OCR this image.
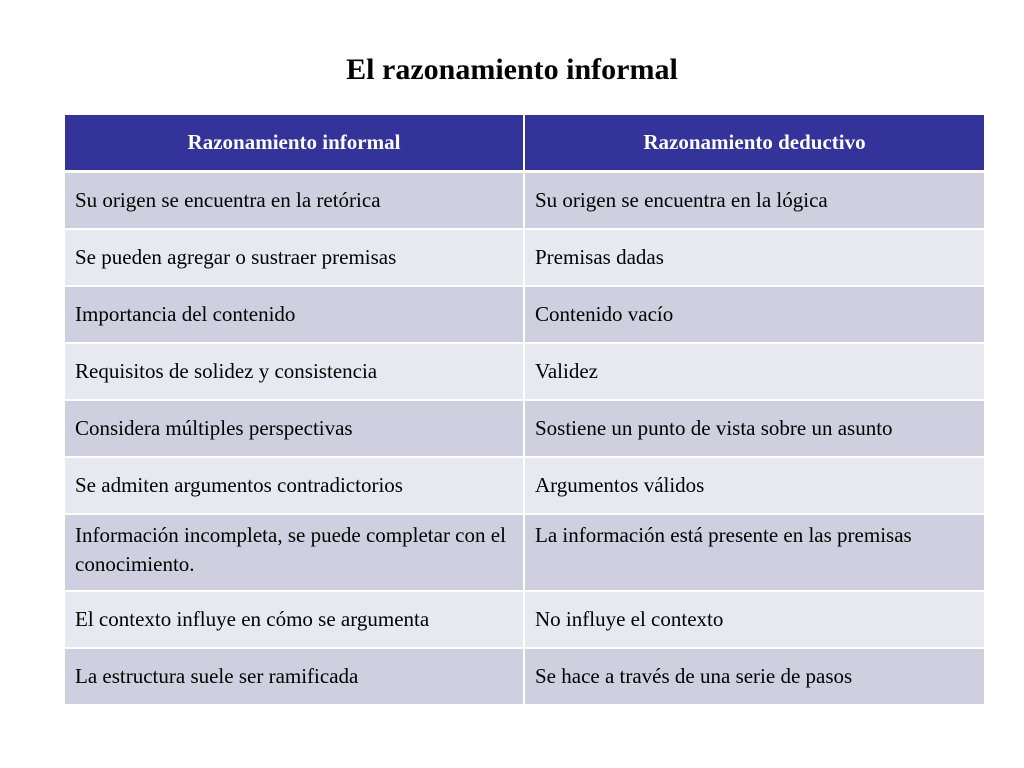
El razonamiento informal
Razonamiento informal	Razonamiento deductivo
Su origen se encuentra en la retórica	Su origen se encuentra en la lógica
Se pueden agregar o sustraer premisas	Premisas dadas
Importancia del contenido	Contenido vacío
Requisitos de solidez y consistencia	Validez
Considera múltiples perspectivas	Sostiene un punto de vista sobre un asunto
Se admiten argumentos contradictorios	Argumentos válidos
Información incompleta, se puede completar con el conocimiento.	La información está presente en las premisas
El contexto influye en cómo se argumenta	No influye el contexto
La estructura suele ser ramificada	Se hace a través de una serie de pasos
